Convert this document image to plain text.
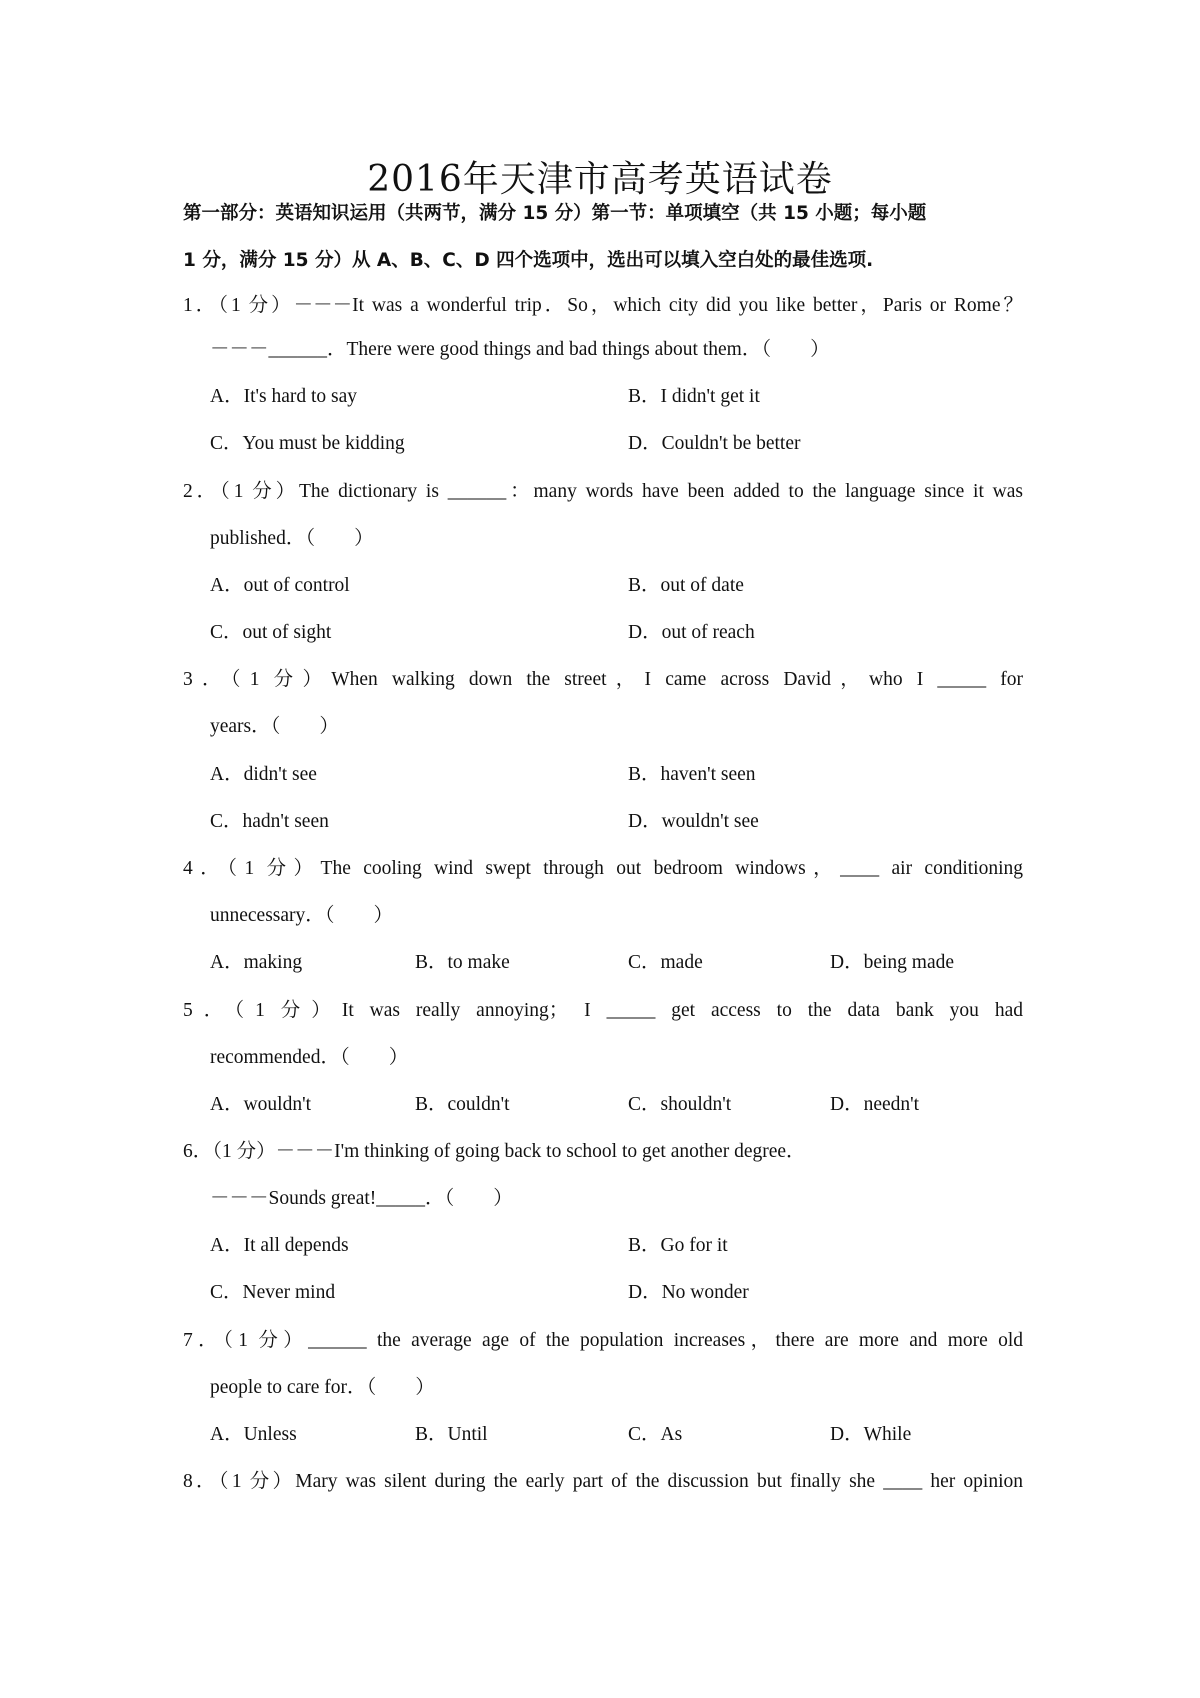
2016年天津市高考英语试卷
第一部分：英语知识运用（共两节，满分 15 分）第一节：单项填空（共 15 小题；每小题
1 分，满分 15 分）从 A、B、C、D 四个选项中，选出可以填入空白处的最佳选项.
1．（1 分）－－－It was a wonderful trip．So，which city did you like better，Paris or Rome？
－－－______．There were good things and bad things about them．（　　）
A．It's hard to say	B．I didn't get it
C．You must be kidding	D．Couldn't be better
2．（1 分）The dictionary is ______：many words have been added to the language since it was
published．（　　）
A．out of control	B．out of date
C．out of sight	D．out of reach
3．（1 分）When walking down the street，I came across David，who I _____ for
years．（　　）
A．didn't see	B．haven't seen
C．hadn't seen	D．wouldn't see
4．（1 分）The cooling wind swept through out bedroom windows，____ air conditioning
unnecessary．（　　）
A．making	B．to make	C．made	D．being made
5．（1 分）It was really annoying； I _____ get access to the data bank you had
recommended．（　　）
A．wouldn't	B．couldn't	C．shouldn't	D．needn't
6．（1 分）－－－I'm thinking of going back to school to get another degree．
－－－Sounds great!_____．（　　）
A．It all depends	B．Go for it
C．Never mind	D．No wonder
7．（1 分）______ the average age of the population increases，there are more and more old
people to care for．（　　）
A．Unless	B．Until	C．As	D．While
8．（1 分）Mary was silent during the early part of the discussion but finally she ____ her opinion
